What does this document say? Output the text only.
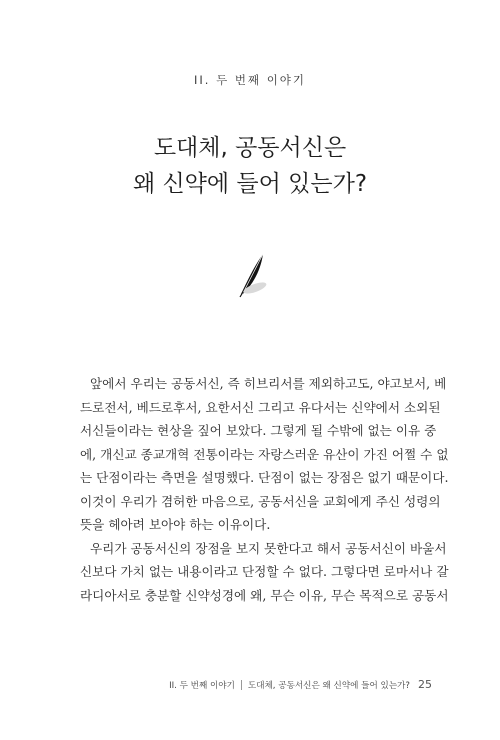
II. 두 번째 이야기
도대체, 공동서신은
왜 신약에 들어 있는가?

앞에서 우리는 공동서신, 즉 히브리서를 제외하고도, 야고보서, 베
드로전서, 베드로후서, 요한서신 그리고 유다서는 신약에서 소외된
서신들이라는 현상을 짚어 보았다. 그렇게 될 수밖에 없는 이유 중
에, 개신교 종교개혁 전통이라는 자랑스러운 유산이 가진 어쩔 수 없
는 단점이라는 측면을 설명했다. 단점이 없는 장점은 없기 때문이다.
이것이 우리가 겸허한 마음으로, 공동서신을 교회에게 주신 성령의
뜻을 헤아려 보아야 하는 이유이다.

우리가 공동서신의 장점을 보지 못한다고 해서 공동서신이 바울서
신보다 가치 없는 내용이라고 단정할 수 없다. 그렇다면 로마서나 갈
라디아서로 충분할 신약성경에 왜, 무슨 이유, 무슨 목적으로 공동서

II. 두 번째 이야기 도대체, 공동서신은 왜 신약에 들어 있는가? 25
